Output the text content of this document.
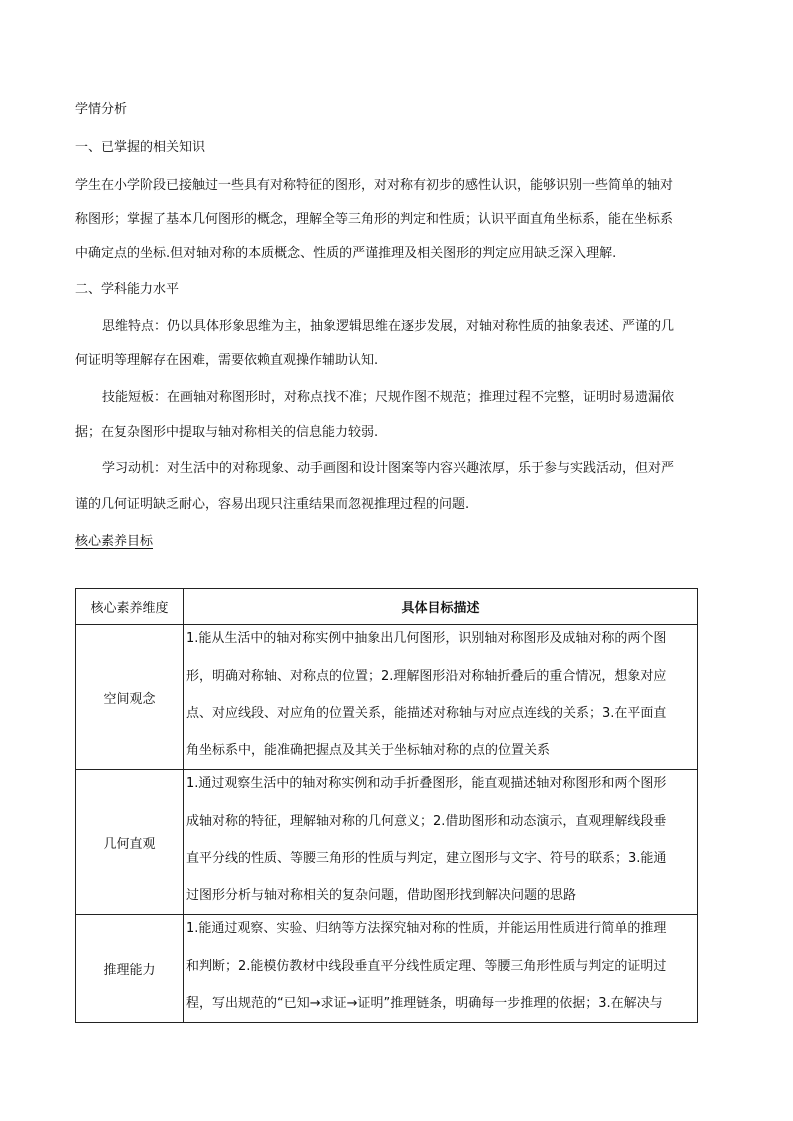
学情分析
一、已掌握的相关知识
学生在小学阶段已接触过一些具有对称特征的图形，对对称有初步的感性认识，能够识别一些简单的轴对
称图形；掌握了基本几何图形的概念，理解全等三角形的判定和性质；认识平面直角坐标系，能在坐标系
中确定点的坐标.但对轴对称的本质概念、性质的严谨推理及相关图形的判定应用缺乏深入理解.
二、学科能力水平
思维特点：仍以具体形象思维为主，抽象逻辑思维在逐步发展，对轴对称性质的抽象表述、严谨的几
何证明等理解存在困难，需要依赖直观操作辅助认知.
技能短板：在画轴对称图形时，对称点找不准；尺规作图不规范；推理过程不完整，证明时易遗漏依
据；在复杂图形中提取与轴对称相关的信息能力较弱.
学习动机：对生活中的对称现象、动手画图和设计图案等内容兴趣浓厚，乐于参与实践活动，但对严
谨的几何证明缺乏耐心，容易出现只注重结果而忽视推理过程的问题.
核心素养目标
核心素养维度	具体目标描述
空间观念	1.能从生活中的轴对称实例中抽象出几何图形，识别轴对称图形及成轴对称的两个图
形，明确对称轴、对称点的位置；2.理解图形沿对称轴折叠后的重合情况，想象对应
点、对应线段、对应角的位置关系，能描述对称轴与对应点连线的关系；3.在平面直
角坐标系中，能准确把握点及其关于坐标轴对称的点的位置关系

几何直观	1.通过观察生活中的轴对称实例和动手折叠图形，能直观描述轴对称图形和两个图形
成轴对称的特征，理解轴对称的几何意义；2.借助图形和动态演示，直观理解线段垂
直平分线的性质、等腰三角形的性质与判定，建立图形与文字、符号的联系；3.能通
过图形分析与轴对称相关的复杂问题，借助图形找到解决问题的思路

推理能力	1.能通过观察、实验、归纳等方法探究轴对称的性质，并能运用性质进行简单的推理
和判断；2.能模仿教材中线段垂直平分线性质定理、等腰三角形性质与判定的证明过
程，写出规范的“已知→求证→证明”推理链条，明确每一步推理的依据；3.在解决与
